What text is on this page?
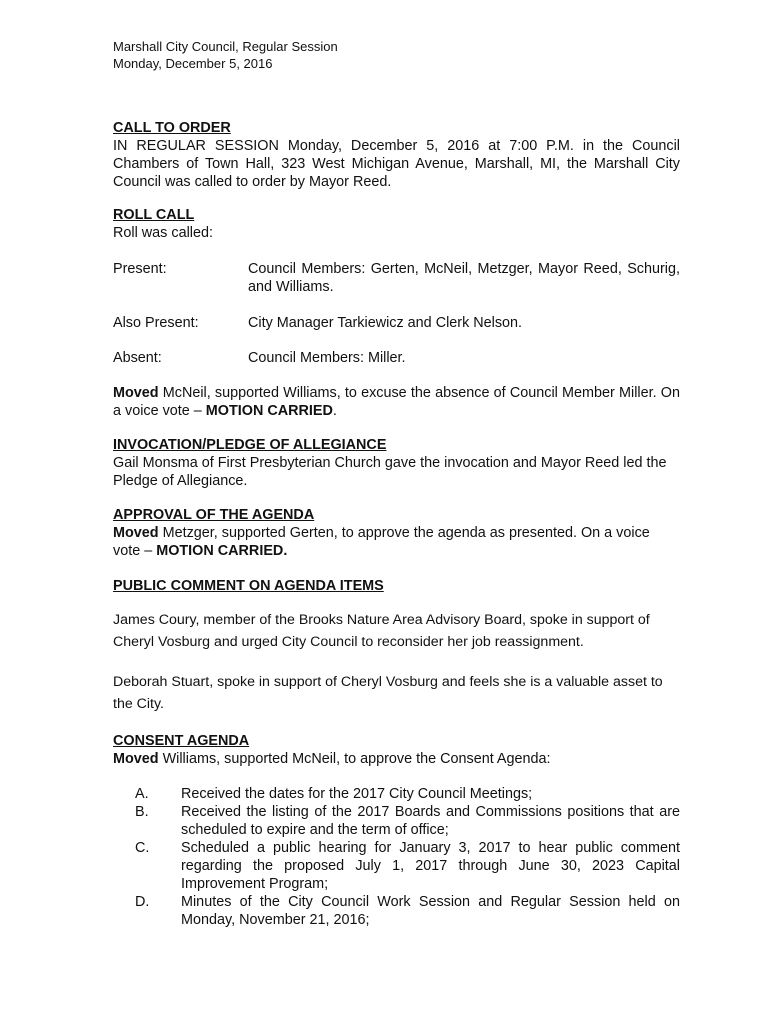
Marshall City Council, Regular Session
Monday, December 5, 2016
CALL TO ORDER

IN REGULAR SESSION Monday, December 5, 2016 at 7:00 P.M. in the Council Chambers of Town Hall, 323 West Michigan Avenue, Marshall, MI, the Marshall City Council was called to order by Mayor Reed.

ROLL CALL

Roll was called:

Present:	Council Members: Gerten, McNeil, Metzger, Mayor Reed, Schurig, and Williams.
Also Present:	City Manager Tarkiewicz and Clerk Nelson.
Absent:	Council Members: Miller.

Moved McNeil, supported Williams, to excuse the absence of Council Member Miller. On a voice vote – MOTION CARRIED.

INVOCATION/PLEDGE OF ALLEGIANCE

Gail Monsma of First Presbyterian Church gave the invocation and Mayor Reed led the Pledge of Allegiance.

APPROVAL OF THE AGENDA

Moved Metzger, supported Gerten, to approve the agenda as presented. On a voice vote – MOTION CARRIED.

PUBLIC COMMENT ON AGENDA ITEMS

James Coury, member of the Brooks Nature Area Advisory Board, spoke in support of Cheryl Vosburg and urged City Council to reconsider her job reassignment.

Deborah Stuart, spoke in support of Cheryl Vosburg and feels she is a valuable asset to the City.

CONSENT AGENDA

Moved Williams, supported McNeil, to approve the Consent Agenda:

A.	Received the dates for the 2017 City Council Meetings;
B.	Received the listing of the 2017 Boards and Commissions positions that are scheduled to expire and the term of office;
C.	Scheduled a public hearing for January 3, 2017 to hear public comment regarding the proposed July 1, 2017 through June 30, 2023 Capital Improvement Program;
D.	Minutes of the City Council Work Session and Regular Session held on Monday, November 21, 2016;
